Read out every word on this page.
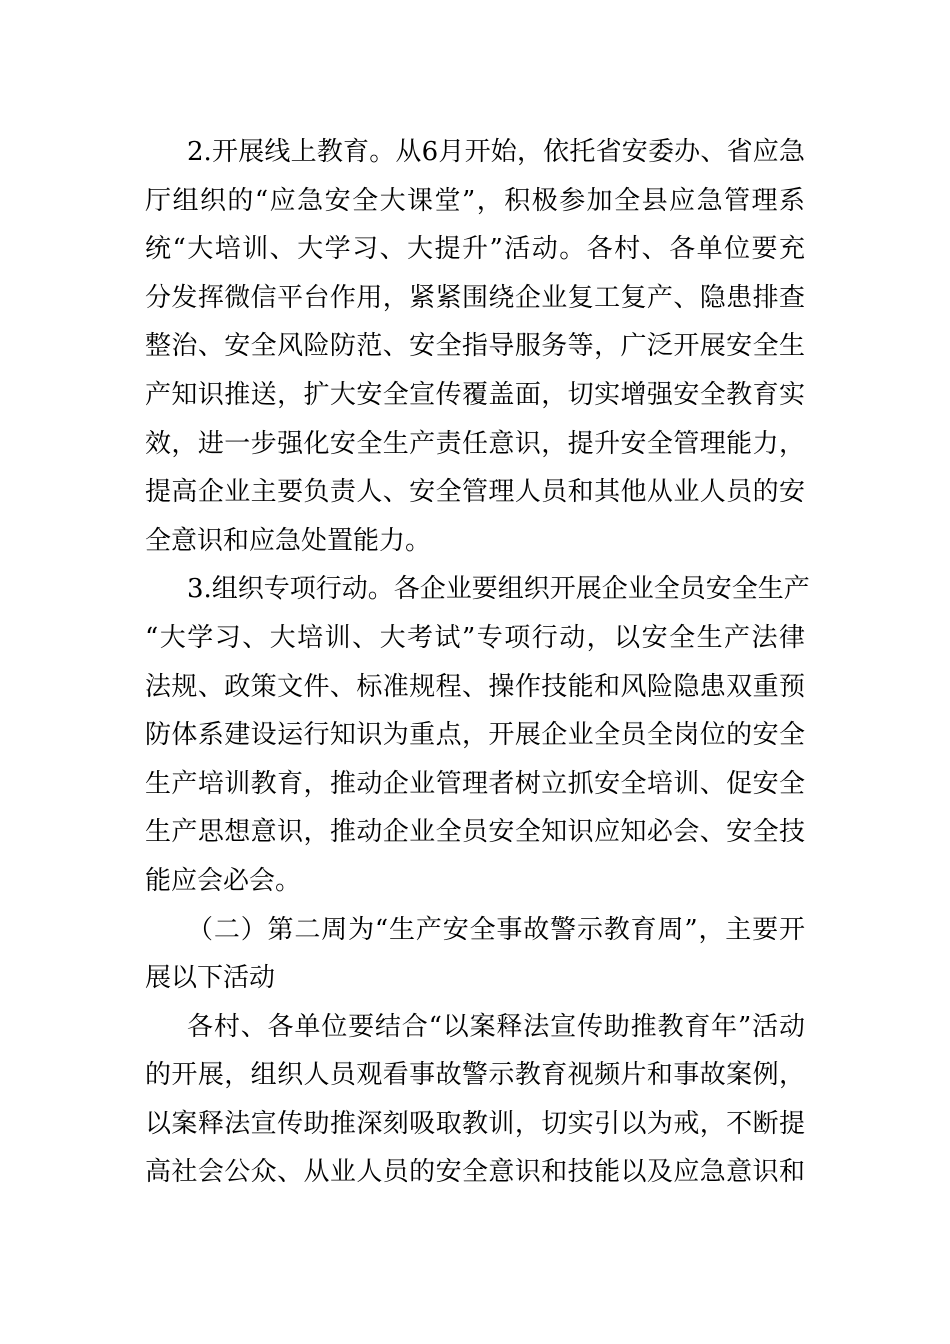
2.开展线上教育。从6月开始，依托省安委办、省应急
厅组织的“应急安全大课堂”，积极参加全县应急管理系
统“大培训、大学习、大提升”活动。各村、各单位要充
分发挥微信平台作用，紧紧围绕企业复工复产、隐患排查
整治、安全风险防范、安全指导服务等，广泛开展安全生
产知识推送，扩大安全宣传覆盖面，切实增强安全教育实
效，进一步强化安全生产责任意识，提升安全管理能力，
提高企业主要负责人、安全管理人员和其他从业人员的安
全意识和应急处置能力。
3.组织专项行动。各企业要组织开展企业全员安全生产
“大学习、大培训、大考试”专项行动，以安全生产法律
法规、政策文件、标准规程、操作技能和风险隐患双重预
防体系建设运行知识为重点，开展企业全员全岗位的安全
生产培训教育，推动企业管理者树立抓安全培训、促安全
生产思想意识，推动企业全员安全知识应知必会、安全技
能应会必会。
（二）第二周为“生产安全事故警示教育周”，主要开
展以下活动
各村、各单位要结合“以案释法宣传助推教育年”活动
的开展，组织人员观看事故警示教育视频片和事故案例，
以案释法宣传助推深刻吸取教训，切实引以为戒，不断提
高社会公众、从业人员的安全意识和技能以及应急意识和
